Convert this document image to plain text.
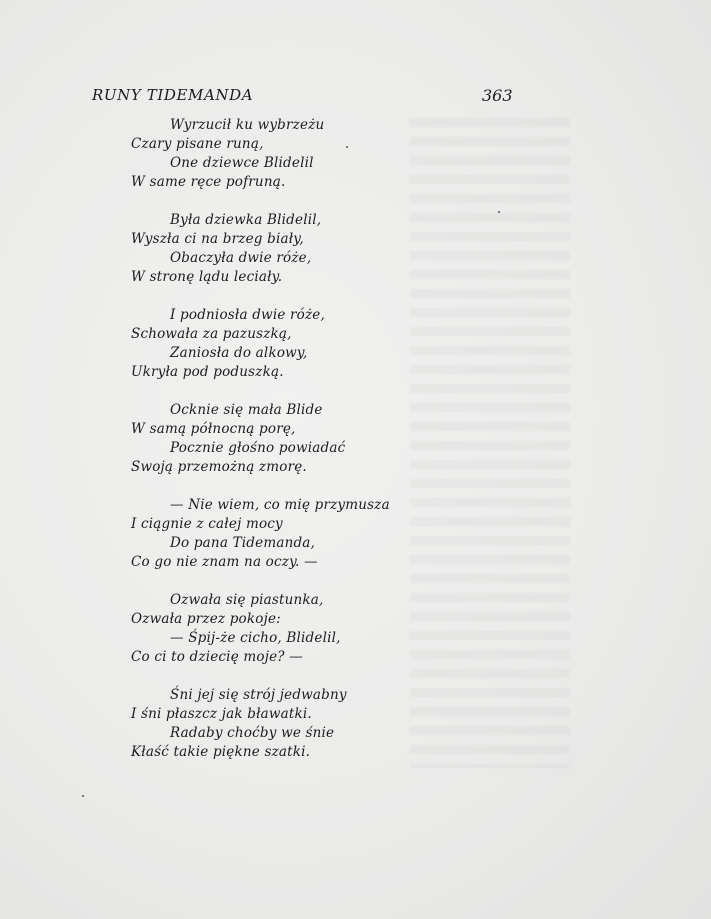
RUNY TIDEMANDA	363
Wyrzucił ku wybrzeżu
Czary pisane runą,
One dziewce Blidelil
W same ręce pofruną.
Była dziewka Blidelil,
Wyszła ci na brzeg biały,
Obaczyła dwie róże,
W stronę lądu leciały.
I podniosła dwie róże,
Schowała za pazuszką,
Zaniosła do alkowy,
Ukryła pod poduszką.
Ocknie się mała Blide
W samą północną porę,
Pocznie głośno powiadać
Swoją przemożną zmorę.
— Nie wiem, co mię przymusza
I ciągnie z całej mocy
Do pana Tidemanda,
Co go nie znam na oczy. —
Ozwała się piastunka,
Ozwała przez pokoje:
— Śpij-że cicho, Blidelil,
Co ci to dziecię moje? —
Śni jej się strój jedwabny
I śni płaszcz jak bławatki.
Radaby choćby we śnie
Kłaść takie piękne szatki.
